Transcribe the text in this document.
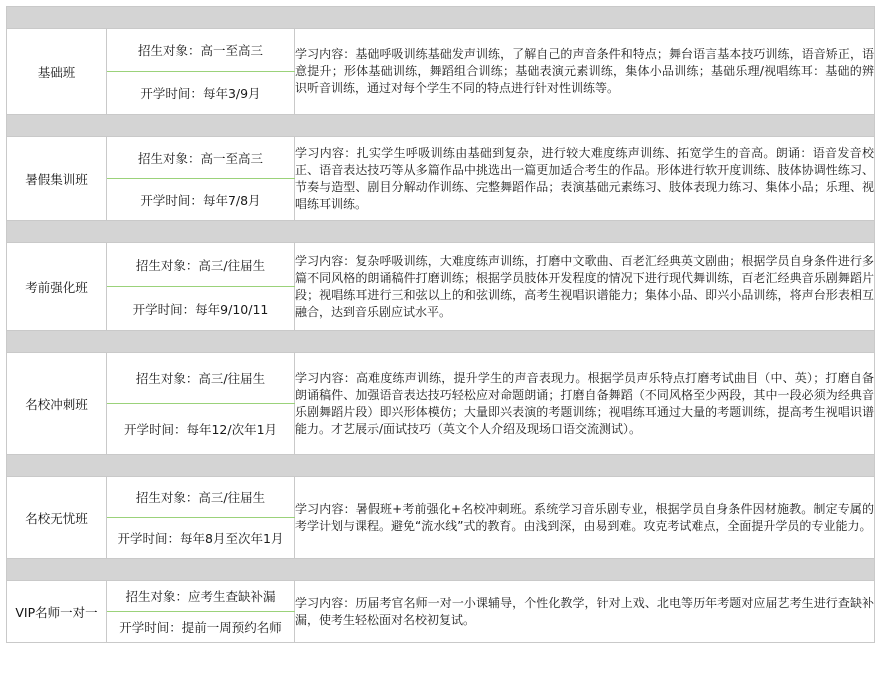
基础班	招生对象：高一至高三	学习内容：基础呼吸训练基础发声训练，了解自己的声音条件和特点；舞台语言基本技巧训练，语音矫正，语意提升；形体基础训练，舞蹈组合训练；基础表演元素训练，集体小品训练；基础乐理/视唱练耳：基础的辨识听音训练，通过对每个学生不同的特点进行针对性训练等。
	开学时间：每年3/9月	

暑假集训班	招生对象：高一至高三	学习内容：扎实学生呼吸训练由基础到复杂，进行较大难度练声训练、拓宽学生的音高。朗诵：语音发音校正、语音表达技巧等从多篇作品中挑选出一篇更加适合考生的作品。形体进行软开度训练、肢体协调性练习、节奏与造型、剧目分解动作训练、完整舞蹈作品；表演基础元素练习、肢体表现力练习、集体小品；乐理、视唱练耳训练。
	开学时间：每年7/8月	

考前强化班	招生对象：高三/往届生	学习内容：复杂呼吸训练，大难度练声训练，打磨中文歌曲、百老汇经典英文剧曲；根据学员自身条件进行多篇不同风格的朗诵稿件打磨训练；根据学员肢体开发程度的情况下进行现代舞训练，百老汇经典音乐剧舞蹈片段；视唱练耳进行三和弦以上的和弦训练，高考生视唱识谱能力；集体小品、即兴小品训练，将声台形表相互融合，达到音乐剧应试水平。
	开学时间：每年9/10/11	

名校冲刺班	招生对象：高三/往届生	学习内容：高难度练声训练，提升学生的声音表现力。根据学员声乐特点打磨考试曲目（中、英）；打磨自备朗诵稿件、加强语音表达技巧轻松应对命题朗诵；打磨自备舞蹈（不同风格至少两段，其中一段必须为经典音乐剧舞蹈片段）即兴形体模仿；大量即兴表演的考题训练；视唱练耳通过大量的考题训练，提高考生视唱识谱能力。才艺展示/面试技巧（英文个人介绍及现场口语交流测试）。
	开学时间：每年12/次年1月	

名校无忧班	招生对象：高三/往届生	学习内容：暑假班+考前强化+名校冲刺班。系统学习音乐剧专业，根据学员自身条件因材施教。制定专属的考学计划与课程。避免“流水线”式的教育。由浅到深，由易到难。攻克考试难点，全面提升学员的专业能力。
	开学时间：每年8月至次年1月	

VIP名师一对一	招生对象：应考生查缺补漏	学习内容：历届考官名师一对一小课辅导，个性化教学，针对上戏、北电等历年考题对应届艺考生进行查缺补漏，使考生轻松面对名校初复试。
	开学时间：提前一周预约名师	
